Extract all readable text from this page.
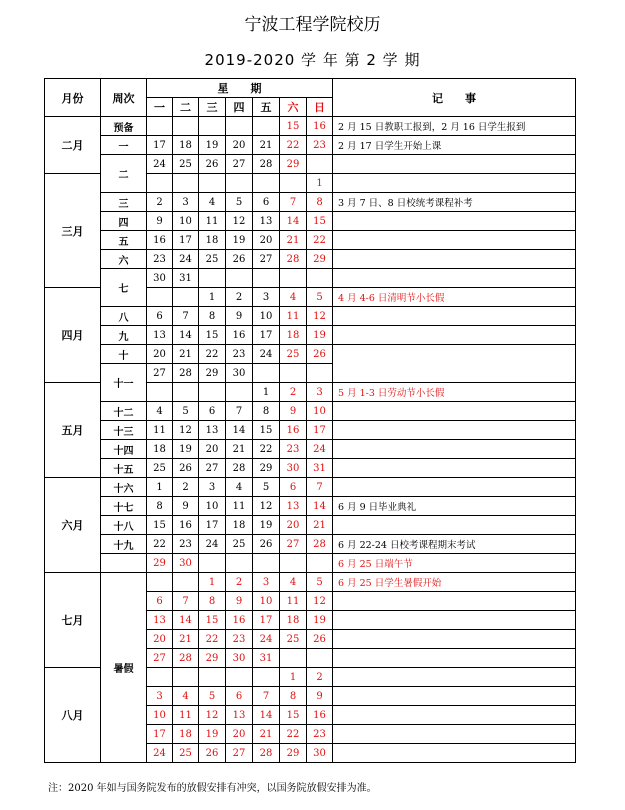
宁波工程学院校历
2019-2020 学 年 第 2 学 期
月份	周次	星　　期							记　　事
		一	二	三	四	五	六	日	
二月	预备						15	16	2 月 15 日教职工报到，2 月 16 日学生报到
	一	17	18	19	20	21	22	23	2 月 17 日学生开始上课
	二	24	25	26	27	28	29		
三月								1	
	三	2	3	4	5	6	7	8	3 月 7 日、8 日校统考课程补考
	四	9	10	11	12	13	14	15	
	五	16	17	18	19	20	21	22	
	六	23	24	25	26	27	28	29	
	七	30	31						
四月				1	2	3	4	5	4 月 4-6 日清明节小长假
	八	6	7	8	9	10	11	12	
	九	13	14	15	16	17	18	19	
	十	20	21	22	23	24	25	26	
	十一	27	28	29	30				
五月						1	2	3	5 月 1-3 日劳动节小长假
	十二	4	5	6	7	8	9	10	
	十三	11	12	13	14	15	16	17	
	十四	18	19	20	21	22	23	24	
	十五	25	26	27	28	29	30	31	
六月	十六	1	2	3	4	5	6	7	
	十七	8	9	10	11	12	13	14	6 月 9 日毕业典礼
	十八	15	16	17	18	19	20	21	
	十九	22	23	24	25	26	27	28	6 月 22-24 日校考课程期末考试
		29	30						6 月 25 日端午节
七月	暑假			1	2	3	4	5	6 月 25 日学生暑假开始
		6	7	8	9	10	11	12	
		13	14	15	16	17	18	19	
		20	21	22	23	24	25	26	
		27	28	29	30	31			
八月							1	2	
		3	4	5	6	7	8	9	
		10	11	12	13	14	15	16	
		17	18	19	20	21	22	23	
		24	25	26	27	28	29	30	
注：2020 年如与国务院发布的放假安排有冲突，以国务院放假安排为准。
